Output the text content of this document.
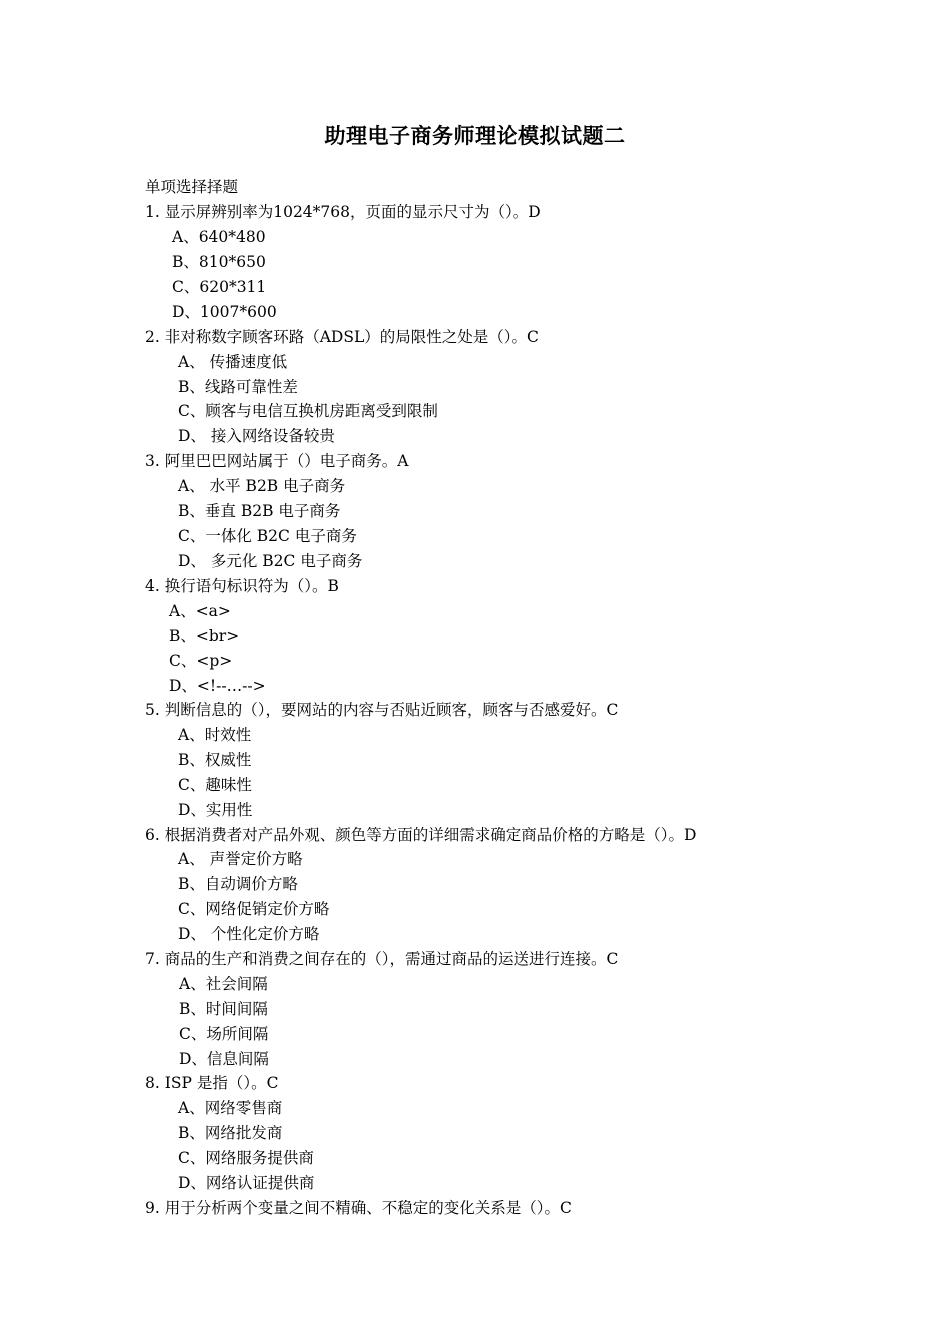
助理电子商务师理论模拟试题二
单项选择择题
1. 显示屏辨别率为1024*768，页面的显示尺寸为（）。D
A、640*480
B、810*650
C、620*311
D、1007*600
2. 非对称数字顾客环路（ADSL）的局限性之处是（）。C
A、 传播速度低
B、线路可靠性差
C、顾客与电信互换机房距离受到限制
D、 接入网络设备较贵
3. 阿里巴巴网站属于（）电子商务。A
A、 水平 B2B 电子商务
B、垂直 B2B 电子商务
C、一体化 B2C 电子商务
D、 多元化 B2C 电子商务
4. 换行语句标识符为（）。B
A、<a>
B、<br>
C、<p>
D、<!--…-->
5. 判断信息的（），要网站的内容与否贴近顾客，顾客与否感爱好。C
A、时效性
B、权威性
C、趣味性
D、实用性
6. 根据消费者对产品外观、颜色等方面的详细需求确定商品价格的方略是（）。D
A、 声誉定价方略
B、自动调价方略
C、网络促销定价方略
D、 个性化定价方略
7. 商品的生产和消费之间存在的（），需通过商品的运送进行连接。C
A、社会间隔
B、时间间隔
C、场所间隔
D、信息间隔
8. ISP 是指（）。C
A、网络零售商
B、网络批发商
C、网络服务提供商
D、网络认证提供商
9. 用于分析两个变量之间不精确、不稳定的变化关系是（）。C
